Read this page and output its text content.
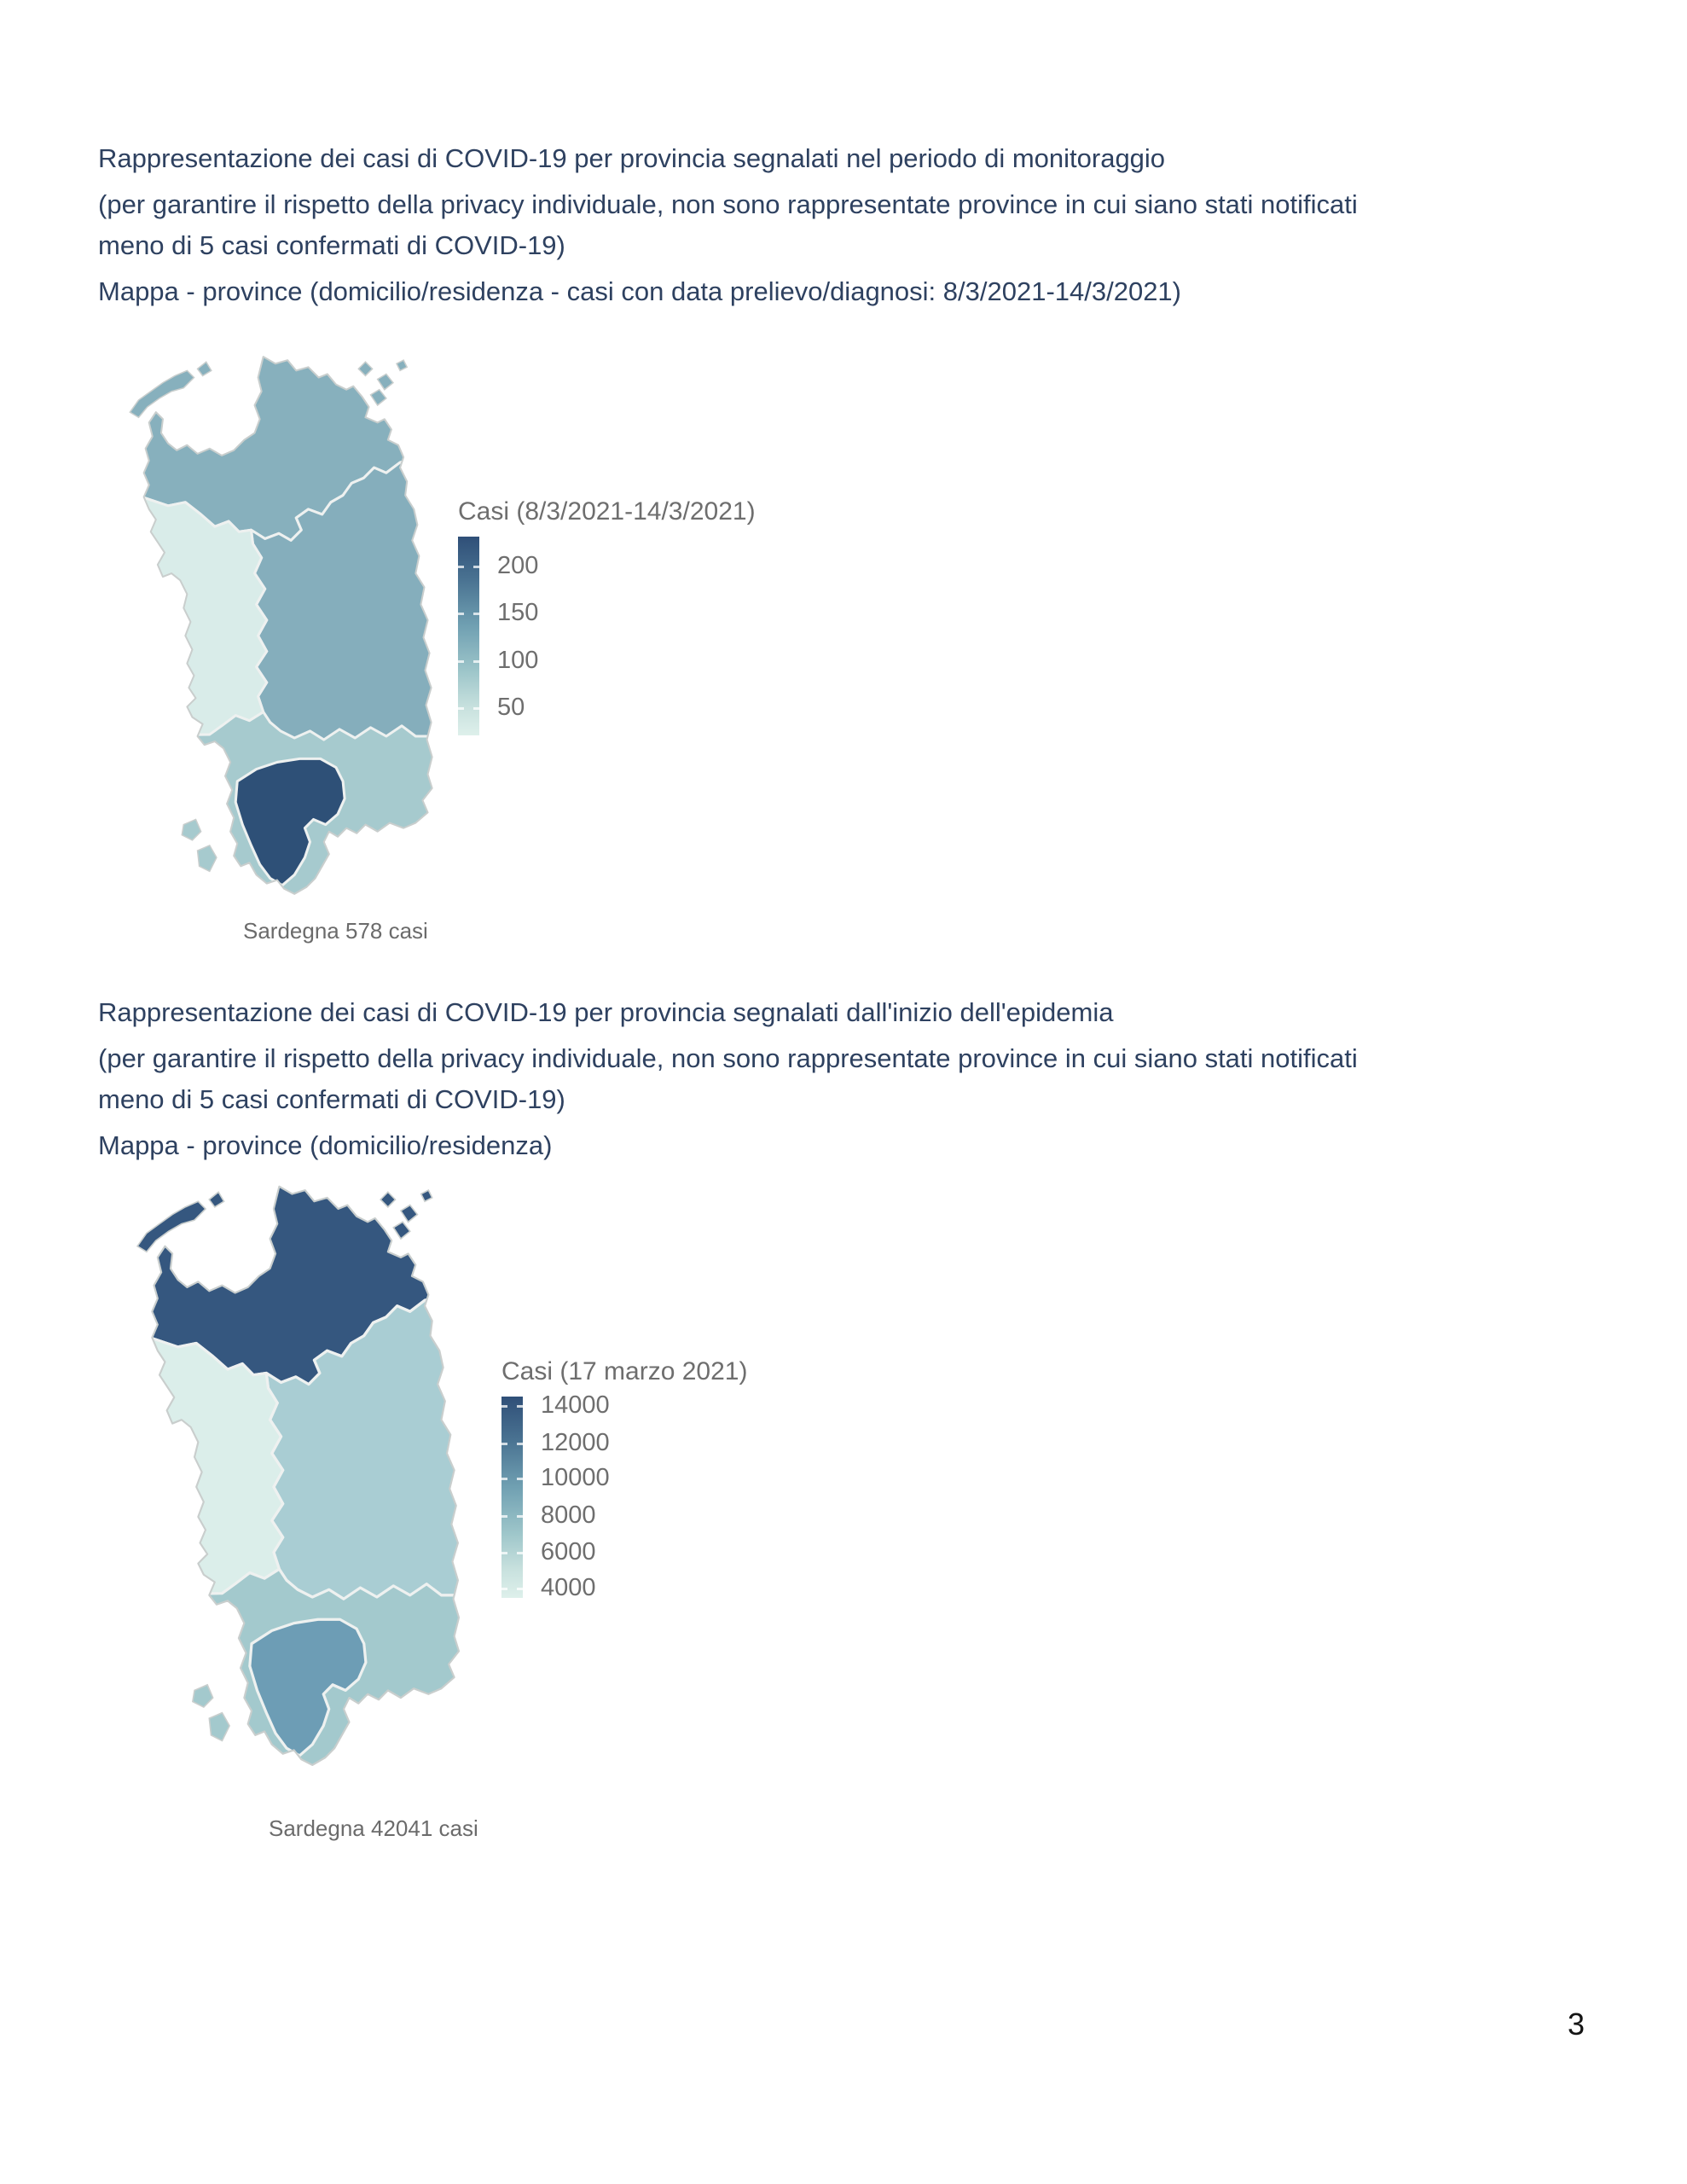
Rappresentazione dei casi di COVID-19 per provincia segnalati nel periodo di monitoraggio

(per garantire il rispetto della privacy individuale, non sono rappresentate province in cui siano stati notificati
meno di 5 casi confermati di COVID-19)

Mappa - province (domicilio/residenza - casi con data prelievo/diagnosi: 8/3/2021-14/3/2021)

Casi (8/3/2021-14/3/2021)
200
150
100
50
Sardegna 578 casi

Rappresentazione dei casi di COVID-19 per provincia segnalati dall'inizio dell'epidemia

(per garantire il rispetto della privacy individuale, non sono rappresentate province in cui siano stati notificati
meno di 5 casi confermati di COVID-19)

Mappa - province (domicilio/residenza)

Casi (17 marzo 2021)
14000
12000
10000
8000
6000
4000
Sardegna 42041 casi
3
